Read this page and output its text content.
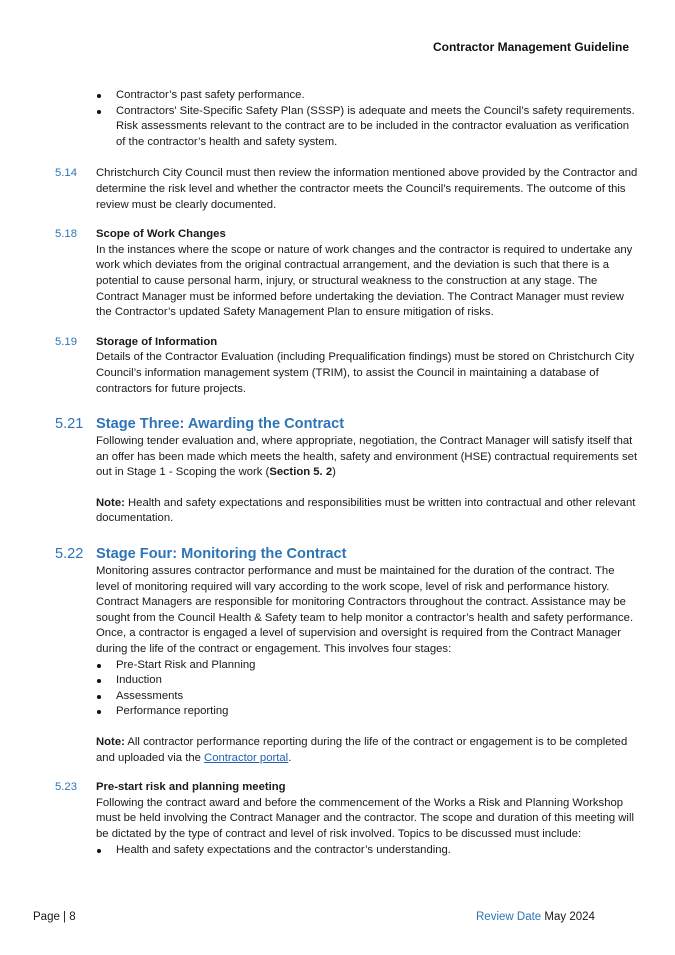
Contractor Management Guideline
Contractor’s past safety performance.
Contractors' Site-Specific Safety Plan (SSSP) is adequate and meets the Council’s safety requirements. Risk assessments relevant to the contract are to be included in the contractor evaluation as verification of the contractor’s health and safety system.
5.14	Christchurch City Council must then review the information mentioned above provided by the Contractor and determine the risk level and whether the contractor meets the Council’s requirements. The outcome of this review must be clearly documented.

5.18	Scope of Work Changes

In the instances where the scope or nature of work changes and the contractor is required to undertake any work which deviates from the original contractual arrangement, and the deviation is such that there is a potential to cause personal harm, injury, or structural weakness to the construction at any stage. The Contract Manager must be informed before undertaking the deviation. The Contract Manager must review the Contractor’s updated Safety Management Plan to ensure mitigation of risks.

5.19	Storage of Information

Details of the Contractor Evaluation (including Prequalification findings) must be stored on Christchurch City Council’s information management system (TRIM), to assist the Council in maintaining a database of contractors for future projects.

5.21 Stage Three: Awarding the Contract

Following tender evaluation and, where appropriate, negotiation, the Contract Manager will satisfy itself that an offer has been made which meets the health, safety and environment (HSE) contractual requirements set out in Stage 1 - Scoping the work (Section 5. 2)

Note: Health and safety expectations and responsibilities must be written into contractual and other relevant documentation.

5.22 Stage Four: Monitoring the Contract

Monitoring assures contractor performance and must be maintained for the duration of the contract. The level of monitoring required will vary according to the work scope, level of risk and performance history. Contract Managers are responsible for monitoring Contractors throughout the contract. Assistance may be sought from the Council Health & Safety team to help monitor a contractor’s health and safety performance. Once, a contractor is engaged a level of supervision and oversight is required from the Contract Manager during the life of the contract or engagement. This involves four stages:

Pre-Start Risk and Planning
Induction
Assessments
Performance reporting

Note: All contractor performance reporting during the life of the contract or engagement is to be completed and uploaded via the Contractor portal.

5.23	Pre-start risk and planning meeting

Following the contract award and before the commencement of the Works a Risk and Planning Workshop must be held involving the Contract Manager and the contractor. The scope and duration of this meeting will be dictated by the type of contract and level of risk involved. Topics to be discussed must include:

Health and safety expectations and the contractor’s understanding.
Page | 8	Review Date May 2024
